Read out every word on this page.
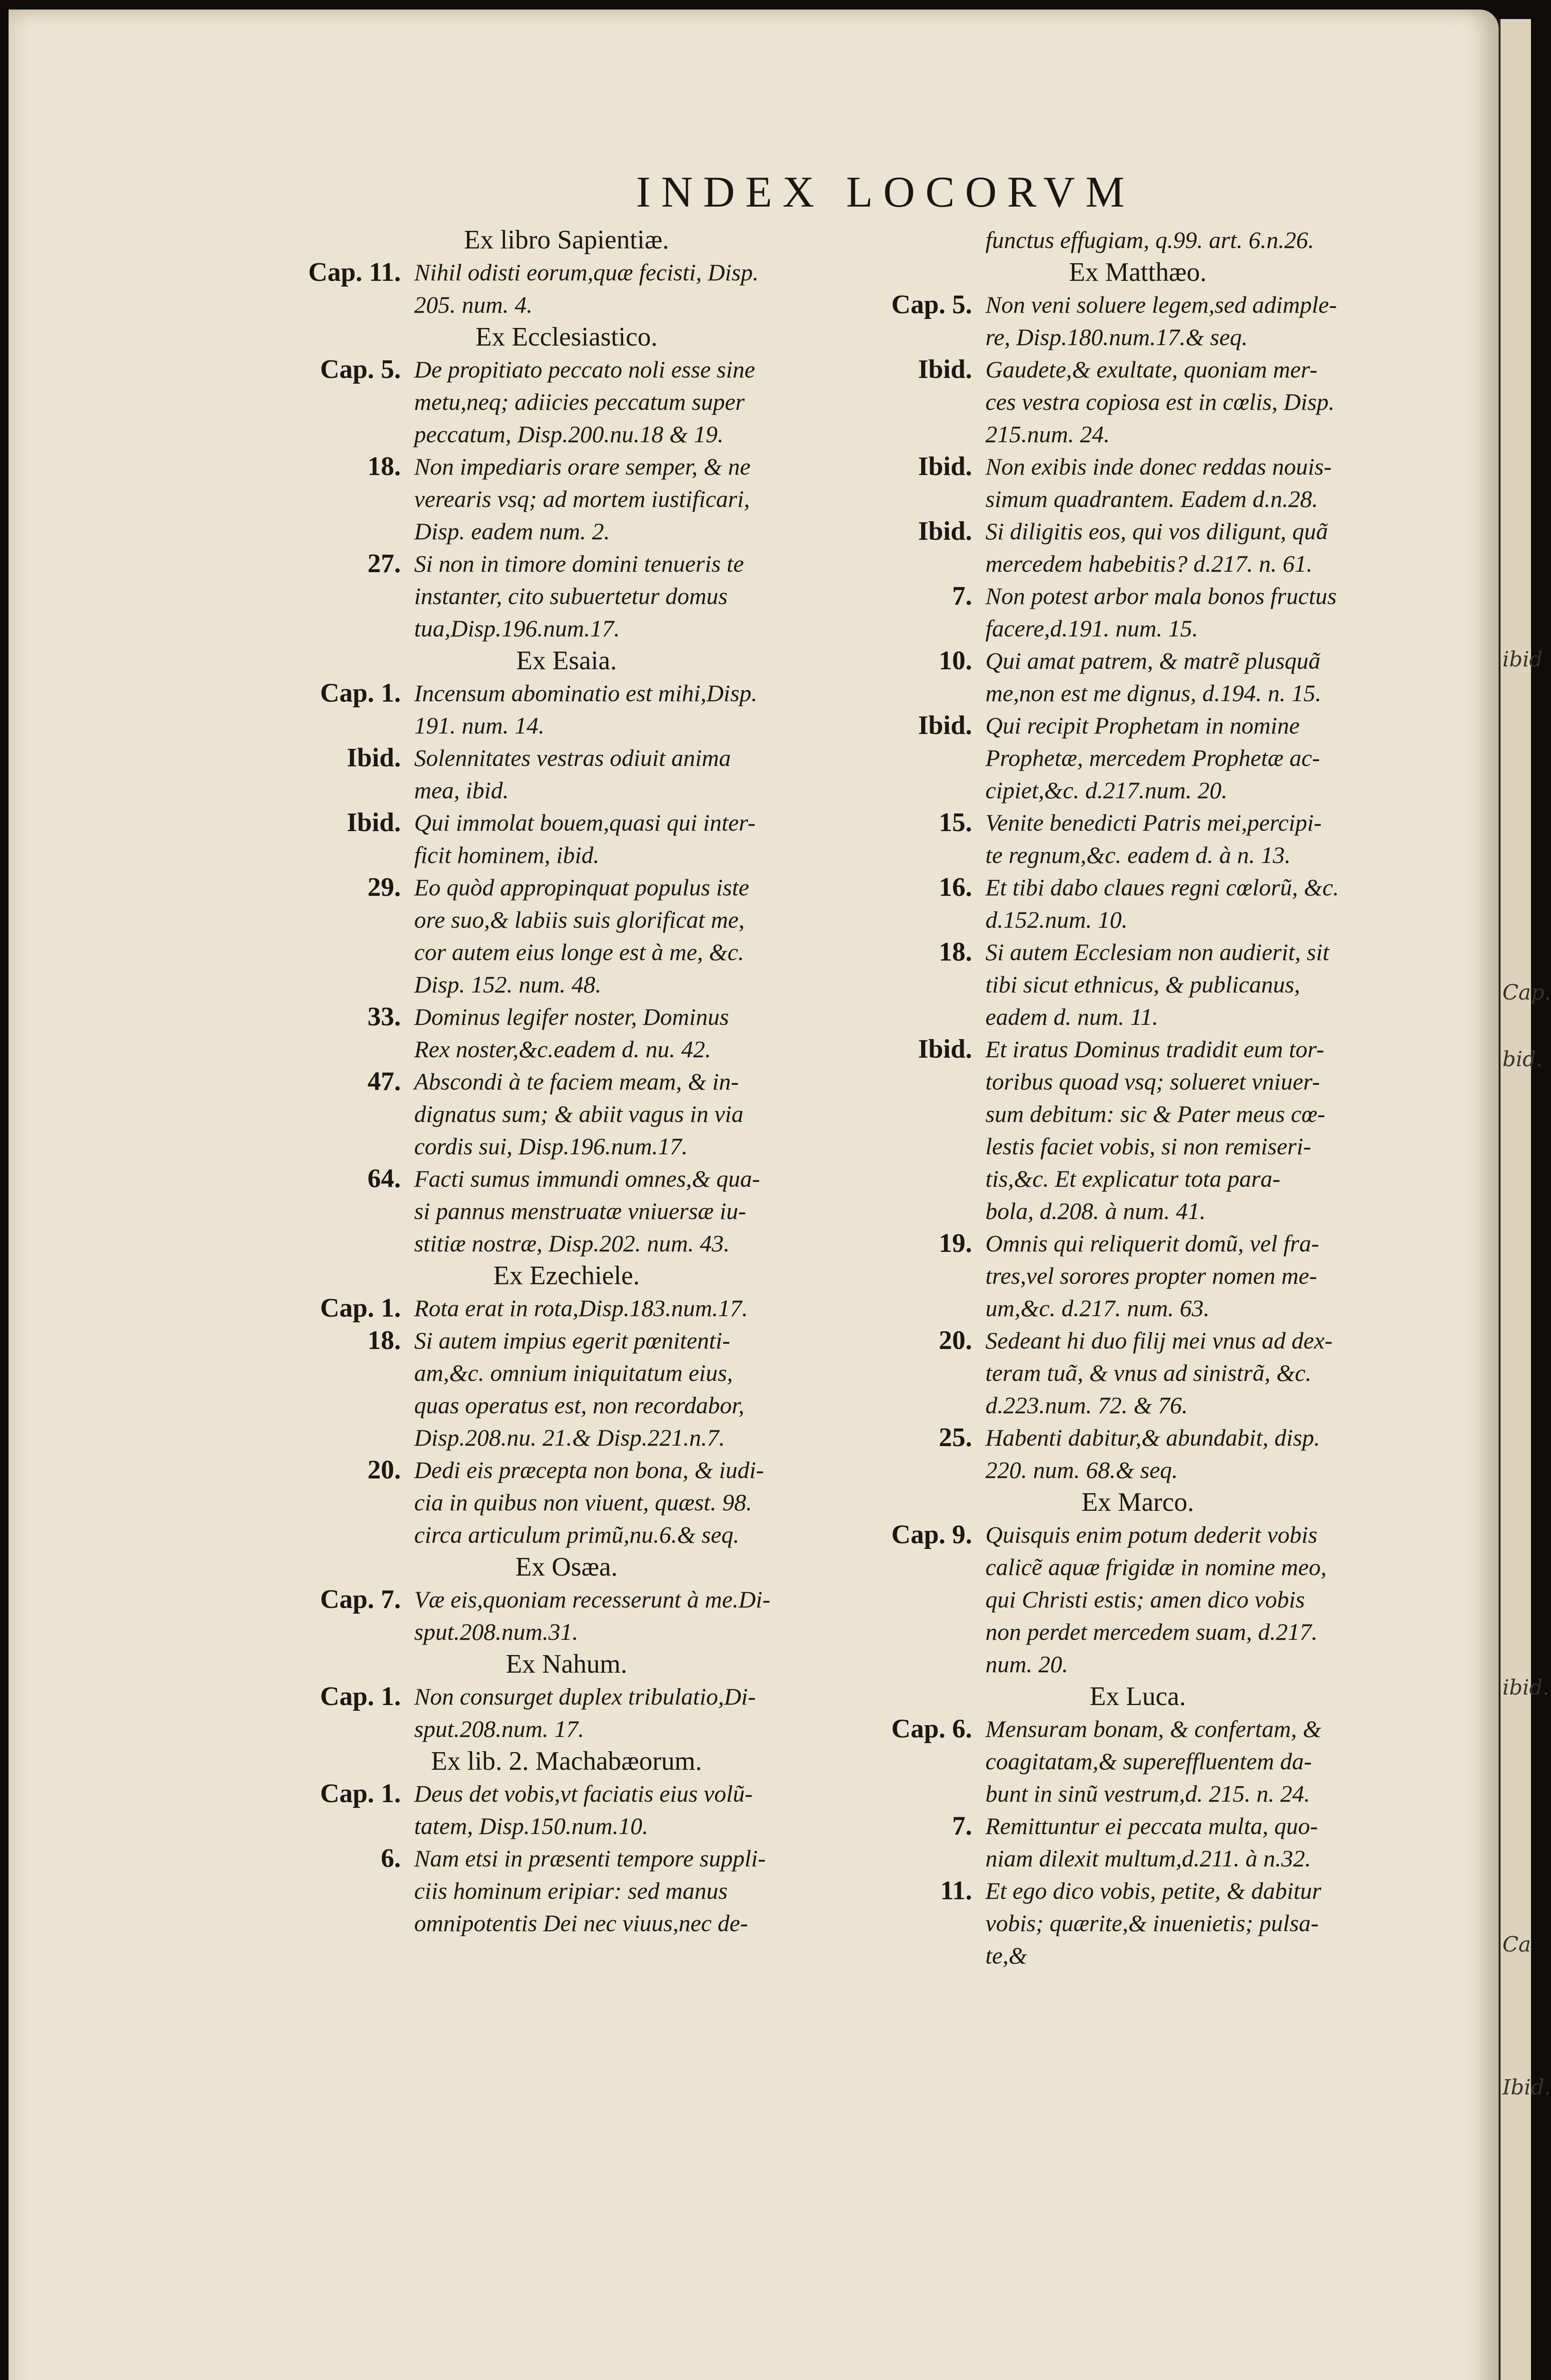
ibid
Cap.
bid.
ibid.
Ca
Ibid.
INDEX LOCORVM
Ex libro Sapientiæ.
Cap. 11. Nihil odisti eorum,quæ fecisti, Disp.
205. num. 4.
Ex Ecclesiastico.
Cap. 5. De propitiato peccato noli esse sine
metu,neq; adiicies peccatum super
peccatum, Disp.200.nu.18 & 19.
18. Non impediaris orare semper, & ne
verearis vsq; ad mortem iustificari,
Disp. eadem num. 2.
27. Si non in timore domini tenueris te
instanter, cito subuertetur domus
tua,Disp.196.num.17.
Ex Esaia.
Cap. 1. Incensum abominatio est mihi,Disp.
191. num. 14.
Ibid. Solennitates vestras odiuit anima
mea, ibid.
Ibid. Qui immolat bouem,quasi qui inter-
ficit hominem, ibid.
29. Eo quòd appropinquat populus iste
ore suo,& labiis suis glorificat me,
cor autem eius longe est à me, &c.
Disp. 152. num. 48.
33. Dominus legifer noster, Dominus
Rex noster,&c.eadem d. nu. 42.
47. Abscondi à te faciem meam, & in-
dignatus sum; & abiit vagus in via
cordis sui, Disp.196.num.17.
64. Facti sumus immundi omnes,& qua-
si pannus menstruatæ vniuersæ iu-
stitiæ nostræ, Disp.202. num. 43.
Ex Ezechiele.
Cap. 1. Rota erat in rota,Disp.183.num.17.
18. Si autem impius egerit pœnitenti-
am,&c. omnium iniquitatum eius,
quas operatus est, non recordabor,
Disp.208.nu. 21.& Disp.221.n.7.
20. Dedi eis præcepta non bona, & iudi-
cia in quibus non viuent, quæst. 98.
circa articulum primũ,nu.6.& seq.
Ex Osæa.
Cap. 7. Væ eis,quoniam recesserunt à me.Di-
sput.208.num.31.
Ex Nahum.
Cap. 1. Non consurget duplex tribulatio,Di-
sput.208.num. 17.
Ex lib. 2. Machabæorum.
Cap. 1. Deus det vobis,vt faciatis eius volũ-
tatem, Disp.150.num.10.
6. Nam etsi in præsenti tempore suppli-
ciis hominum eripiar: sed manus
omnipotentis Dei nec viuus,nec de-
functus effugiam, q.99. art. 6.n.26.
Ex Matthæo.
Cap. 5. Non veni soluere legem,sed adimple-
re, Disp.180.num.17.& seq.
Ibid. Gaudete,& exultate, quoniam mer-
ces vestra copiosa est in cœlis, Disp.
215.num. 24.
Ibid. Non exibis inde donec reddas nouis-
simum quadrantem. Eadem d.n.28.
Ibid. Si diligitis eos, qui vos diligunt, quã
mercedem habebitis? d.217. n. 61.
7. Non potest arbor mala bonos fructus
facere,d.191. num. 15.
10. Qui amat patrem, & matrẽ plusquã
me,non est me dignus, d.194. n. 15.
Ibid. Qui recipit Prophetam in nomine
Prophetæ, mercedem Prophetæ ac-
cipiet,&c. d.217.num. 20.
15. Venite benedicti Patris mei,percipi-
te regnum,&c. eadem d. à n. 13.
16. Et tibi dabo claues regni cœlorũ, &c.
d.152.num. 10.
18. Si autem Ecclesiam non audierit, sit
tibi sicut ethnicus, & publicanus,
eadem d. num. 11.
Ibid. Et iratus Dominus tradidit eum tor-
toribus quoad vsq; solueret vniuer-
sum debitum: sic & Pater meus cœ-
lestis faciet vobis, si non remiseri-
tis,&c. Et explicatur tota para-
bola, d.208. à num. 41.
19. Omnis qui reliquerit domũ, vel fra-
tres,vel sorores propter nomen me-
um,&c. d.217. num. 63.
20. Sedeant hi duo filij mei vnus ad dex-
teram tuã, & vnus ad sinistrã, &c.
d.223.num. 72. & 76.
25. Habenti dabitur,& abundabit, disp.
220. num. 68.& seq.
Ex Marco.
Cap. 9. Quisquis enim potum dederit vobis
calicẽ aquæ frigidæ in nomine meo,
qui Christi estis; amen dico vobis
non perdet mercedem suam, d.217.
num. 20.
Ex Luca.
Cap. 6. Mensuram bonam, & confertam, &
coagitatam,& supereffluentem da-
bunt in sinũ vestrum,d. 215. n. 24.
7. Remittuntur ei peccata multa, quo-
niam dilexit multum,d.211. à n.32.
11. Et ego dico vobis, petite, & dabitur
vobis; quærite,& inuenietis; pulsa-
te,&
